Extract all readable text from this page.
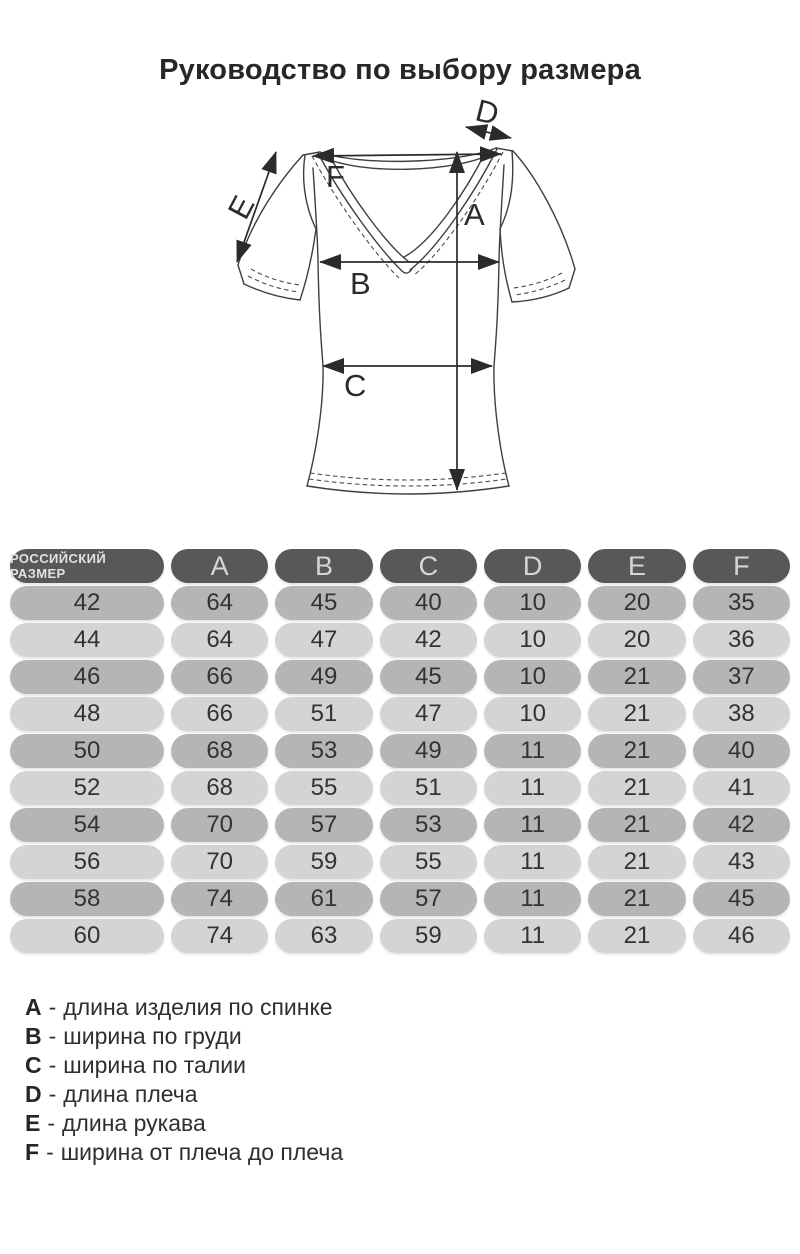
Руководство по выбору размера
F
D
A
E
B
C
РОССИЙСКИЙ РАЗМЕР	A	B	C	D	E	F
42	64	45	40	10	20	35
44	64	47	42	10	20	36
46	66	49	45	10	21	37
48	66	51	47	10	21	38
50	68	53	49	11	21	40
52	68	55	51	11	21	41
54	70	57	53	11	21	42
56	70	59	55	11	21	43
58	74	61	57	11	21	45
60	74	63	59	11	21	46
A - длина изделия по спинке
B - ширина по груди
C - ширина по талии
D - длина плеча
E - длина рукава
F - ширина от плеча до плеча
